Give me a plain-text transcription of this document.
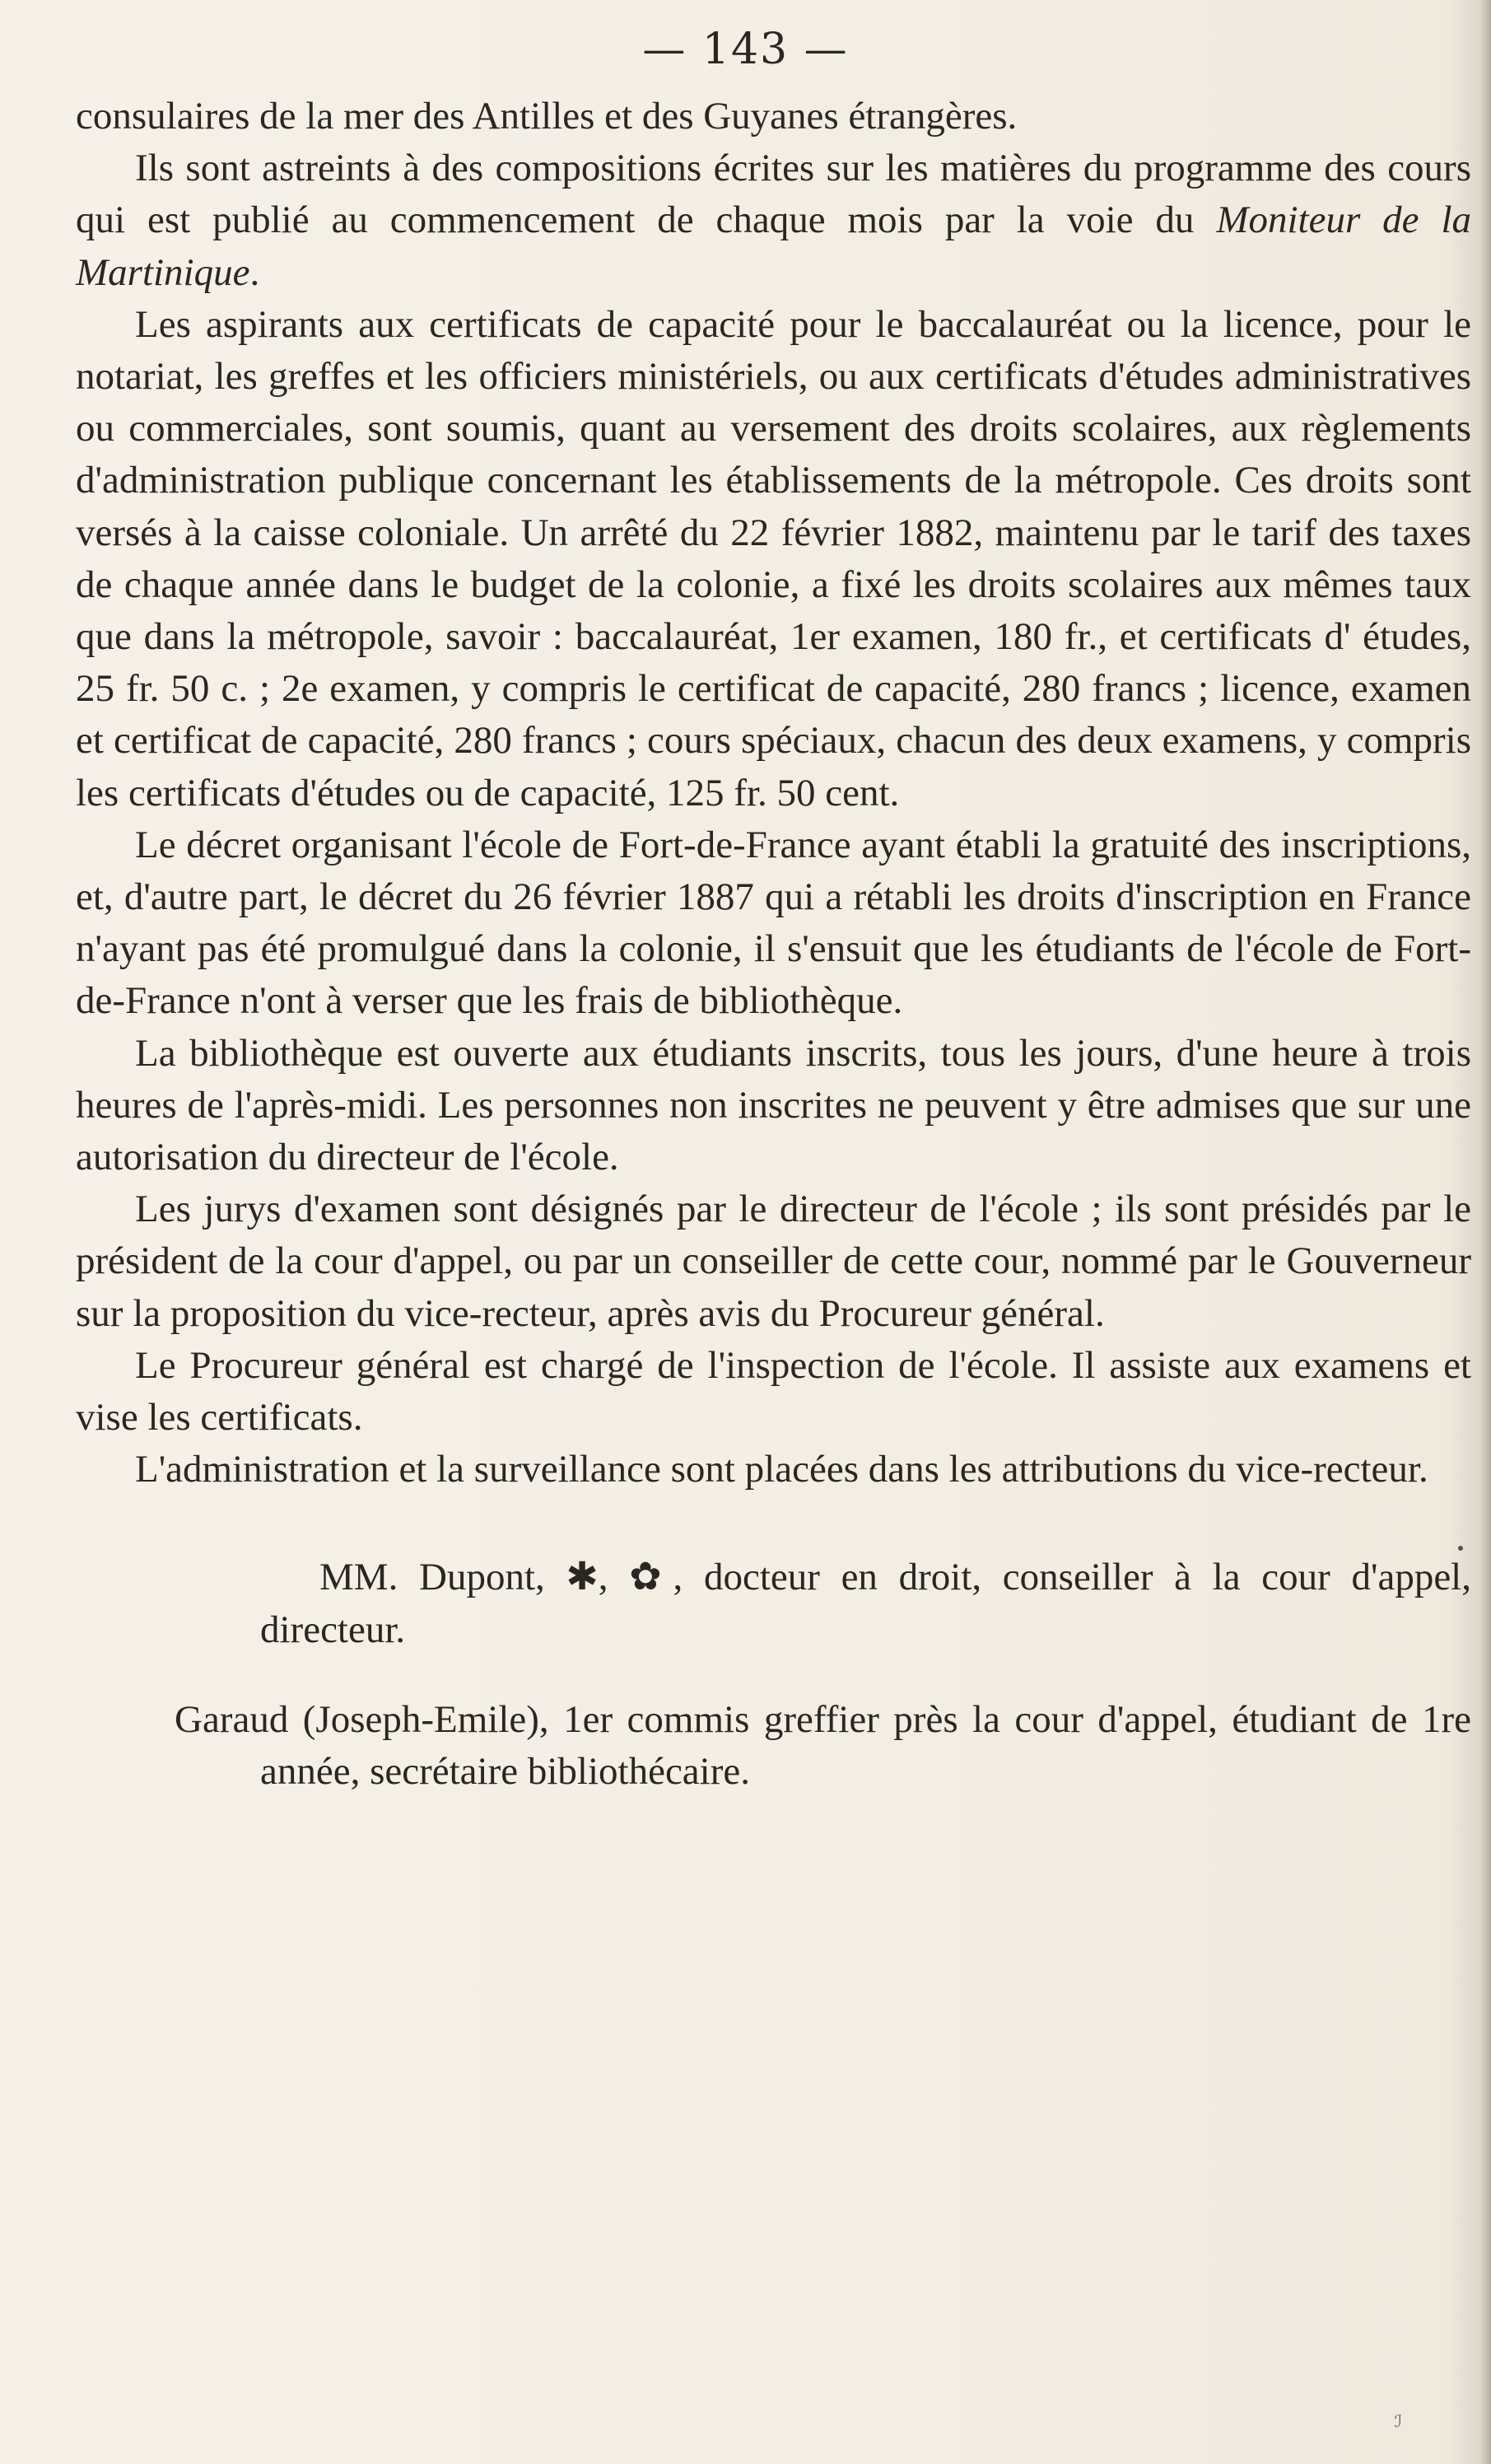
— 143 —

consulaires de la mer des Antilles et des Guyanes étrangères.

Ils sont astreints à des compositions écrites sur les matières du programme des cours qui est publié au commencement de chaque mois par la voie du Moniteur de la Martinique.

Les aspirants aux certificats de capacité pour le baccalauréat ou la licence, pour le notariat, les greffes et les officiers ministériels, ou aux certificats d'études administratives ou commerciales, sont soumis, quant au versement des droits scolaires, aux règlements d'administration publique concernant les établissements de la métropole. Ces droits sont versés à la caisse coloniale. Un arrêté du 22 février 1882, maintenu par le tarif des taxes de chaque année dans le budget de la colonie, a fixé les droits scolaires aux mêmes taux que dans la métropole, savoir : baccalauréat, 1er examen, 180 fr., et certificats d' études, 25 fr. 50 c. ; 2e examen, y compris le certificat de capacité, 280 francs ; licence, examen et certificat de capacité, 280 francs ; cours spéciaux, chacun des deux examens, y compris les certificats d'études ou de capacité, 125 fr. 50 cent.

Le décret organisant l'école de Fort-de-France ayant établi la gratuité des inscriptions, et, d'autre part, le décret du 26 février 1887 qui a rétabli les droits d'inscription en France n'ayant pas été promulgué dans la colonie, il s'ensuit que les étudiants de l'école de Fort-de-France n'ont à verser que les frais de bibliothèque.

La bibliothèque est ouverte aux étudiants inscrits, tous les jours, d'une heure à trois heures de l'après-midi. Les personnes non inscrites ne peuvent y être admises que sur une autorisation du directeur de l'école.

Les jurys d'examen sont désignés par le directeur de l'école ; ils sont présidés par le président de la cour d'appel, ou par un conseiller de cette cour, nommé par le Gouverneur sur la proposition du vice-recteur, après avis du Procureur général.

Le Procureur général est chargé de l'inspection de l'école. Il assiste aux examens et vise les certificats.

L'administration et la surveillance sont placées dans les attributions du vice-recteur.

MM. Dupont, ✱, ✿, docteur en droit, conseiller à la cour d'appel, directeur.

Garaud (Joseph-Emile), 1er commis greffier près la cour d'appel, étudiant de 1re année, secrétaire bibliothécaire.

ℐ
